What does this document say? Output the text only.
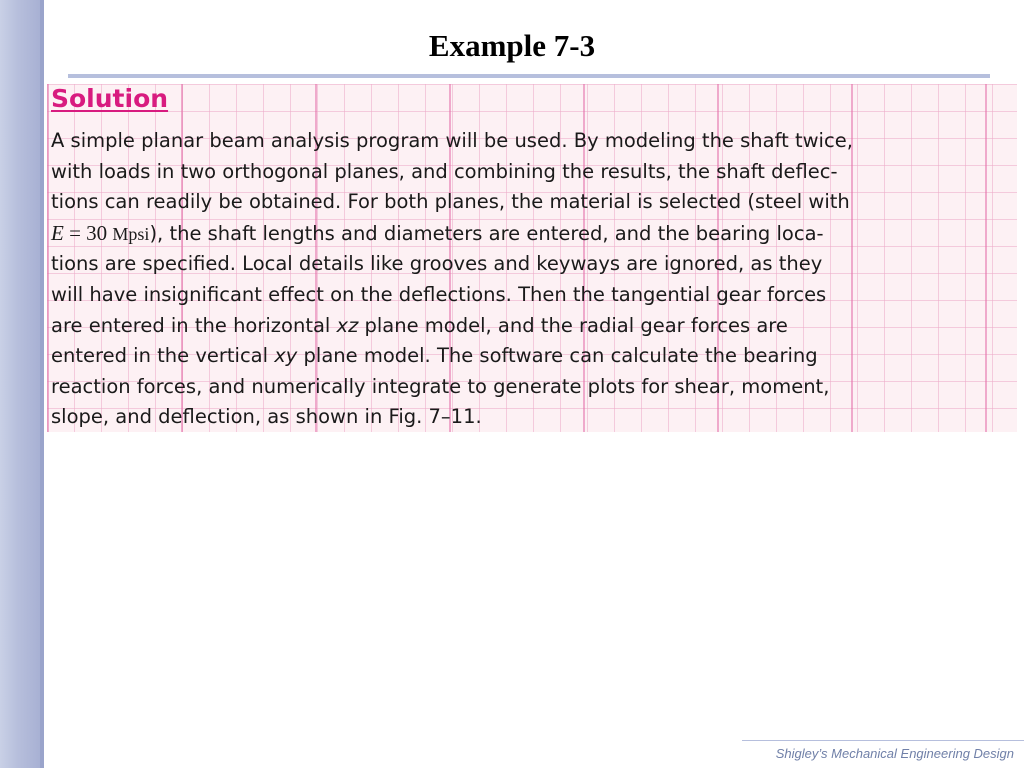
Example 7-3
Solution
A simple planar beam analysis program will be used. By modeling the shaft twice,
with loads in two orthogonal planes, and combining the results, the shaft deflec-
tions can readily be obtained. For both planes, the material is selected (steel with
E = 30 Mpsi), the shaft lengths and diameters are entered, and the bearing loca-
tions are specified. Local details like grooves and keyways are ignored, as they
will have insignificant effect on the deflections. Then the tangential gear forces
are entered in the horizontal xz plane model, and the radial gear forces are
entered in the vertical xy plane model. The software can calculate the bearing
reaction forces, and numerically integrate to generate plots for shear, moment,
slope, and deflection, as shown in Fig. 7–11.
Shigley’s Mechanical Engineering Design
